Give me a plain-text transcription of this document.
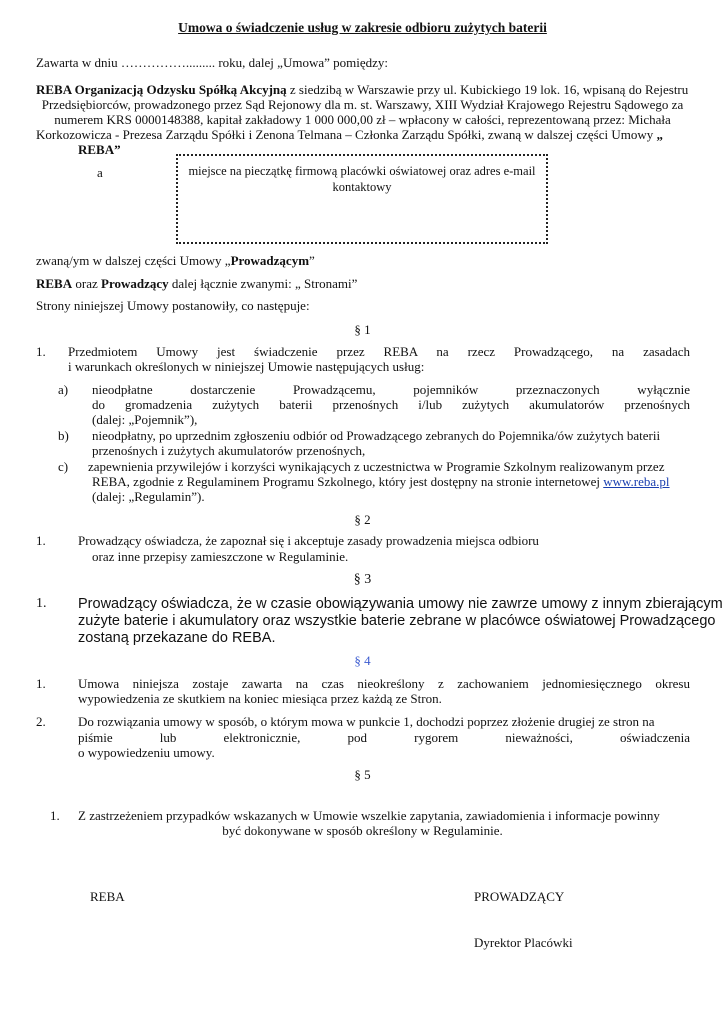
Umowa o świadczenie usług w zakresie odbioru zużytych baterii
Zawarta w dniu ……………......... roku, dalej „Umowa” pomiędzy:
REBA Organizacją Odzysku Spółką Akcyjną z siedzibą w Warszawie przy ul. Kubickiego 19 lok. 16, wpisaną do Rejestru
Przedsiębiorców, prowadzonego przez Sąd Rejonowy dla m. st. Warszawy, XIII Wydział Krajowego Rejestru Sądowego za
numerem KRS 0000148388, kapitał zakładowy 1 000 000,00 zł – wpłacony w całości, reprezentowaną przez: Michała
Korkozowicza - Prezesa Zarządu Spółki i Zenona Telmana – Członka Zarządu Spółki, zwaną w dalszej części Umowy „
REBA”
a	miejsce na pieczątkę firmową placówki oświatowej oraz adres e-mail
kontaktowy
zwaną/ym w dalszej części Umowy „Prowadzącym”
REBA oraz Prowadzący dalej łącznie zwanymi: „ Stronami”
Strony niniejszej Umowy postanowiły, co następuje:
§ 1
1. Przedmiotem Umowy jest świadczenie przez REBA na rzecz Prowadzącego, na zasadach
i warunkach określonych w niniejszej Umowie następujących usług:
a) nieodpłatne dostarczenie Prowadzącemu, pojemników przeznaczonych wyłącznie
do gromadzenia zużytych baterii przenośnych i/lub zużytych akumulatorów przenośnych
(dalej: „Pojemnik”),
b) nieodpłatny, po uprzednim zgłoszeniu odbiór od Prowadzącego zebranych do Pojemnika/ów zużytych baterii
przenośnych i zużytych akumulatorów przenośnych,
c) zapewnienia przywilejów i korzyści wynikających z uczestnictwa w Programie Szkolnym realizowanym przez
REBA, zgodnie z Regulaminem Programu Szkolnego, który jest dostępny na stronie internetowej www.reba.pl
(dalej: „Regulamin”).
§ 2
1. Prowadzący oświadcza, że zapoznał się i akceptuje zasady prowadzenia miejsca odbioru
oraz inne przepisy zamieszczone w Regulaminie.
§ 3
1. Prowadzący oświadcza, że w czasie obowiązywania umowy nie zawrze umowy z innym zbierającym
zużyte baterie i akumulatory oraz wszystkie baterie zebrane w placówce oświatowej Prowadzącego
zostaną przekazane do REBA.
§ 4
1. Umowa niniejsza zostaje zawarta na czas nieokreślony z zachowaniem jednomiesięcznego okresu
wypowiedzenia ze skutkiem na koniec miesiąca przez każdą ze Stron.
2. Do rozwiązania umowy w sposób, o którym mowa w punkcie 1, dochodzi poprzez złożenie drugiej ze stron na
piśmie lub elektronicznie, pod rygorem nieważności, oświadczenia
o wypowiedzeniu umowy.
§ 5
1. Z zastrzeżeniem przypadków wskazanych w Umowie wszelkie zapytania, zawiadomienia i informacje powinny
być dokonywane w sposób określony w Regulaminie.
REBA	PROWADZĄCY
Dyrektor Placówki
